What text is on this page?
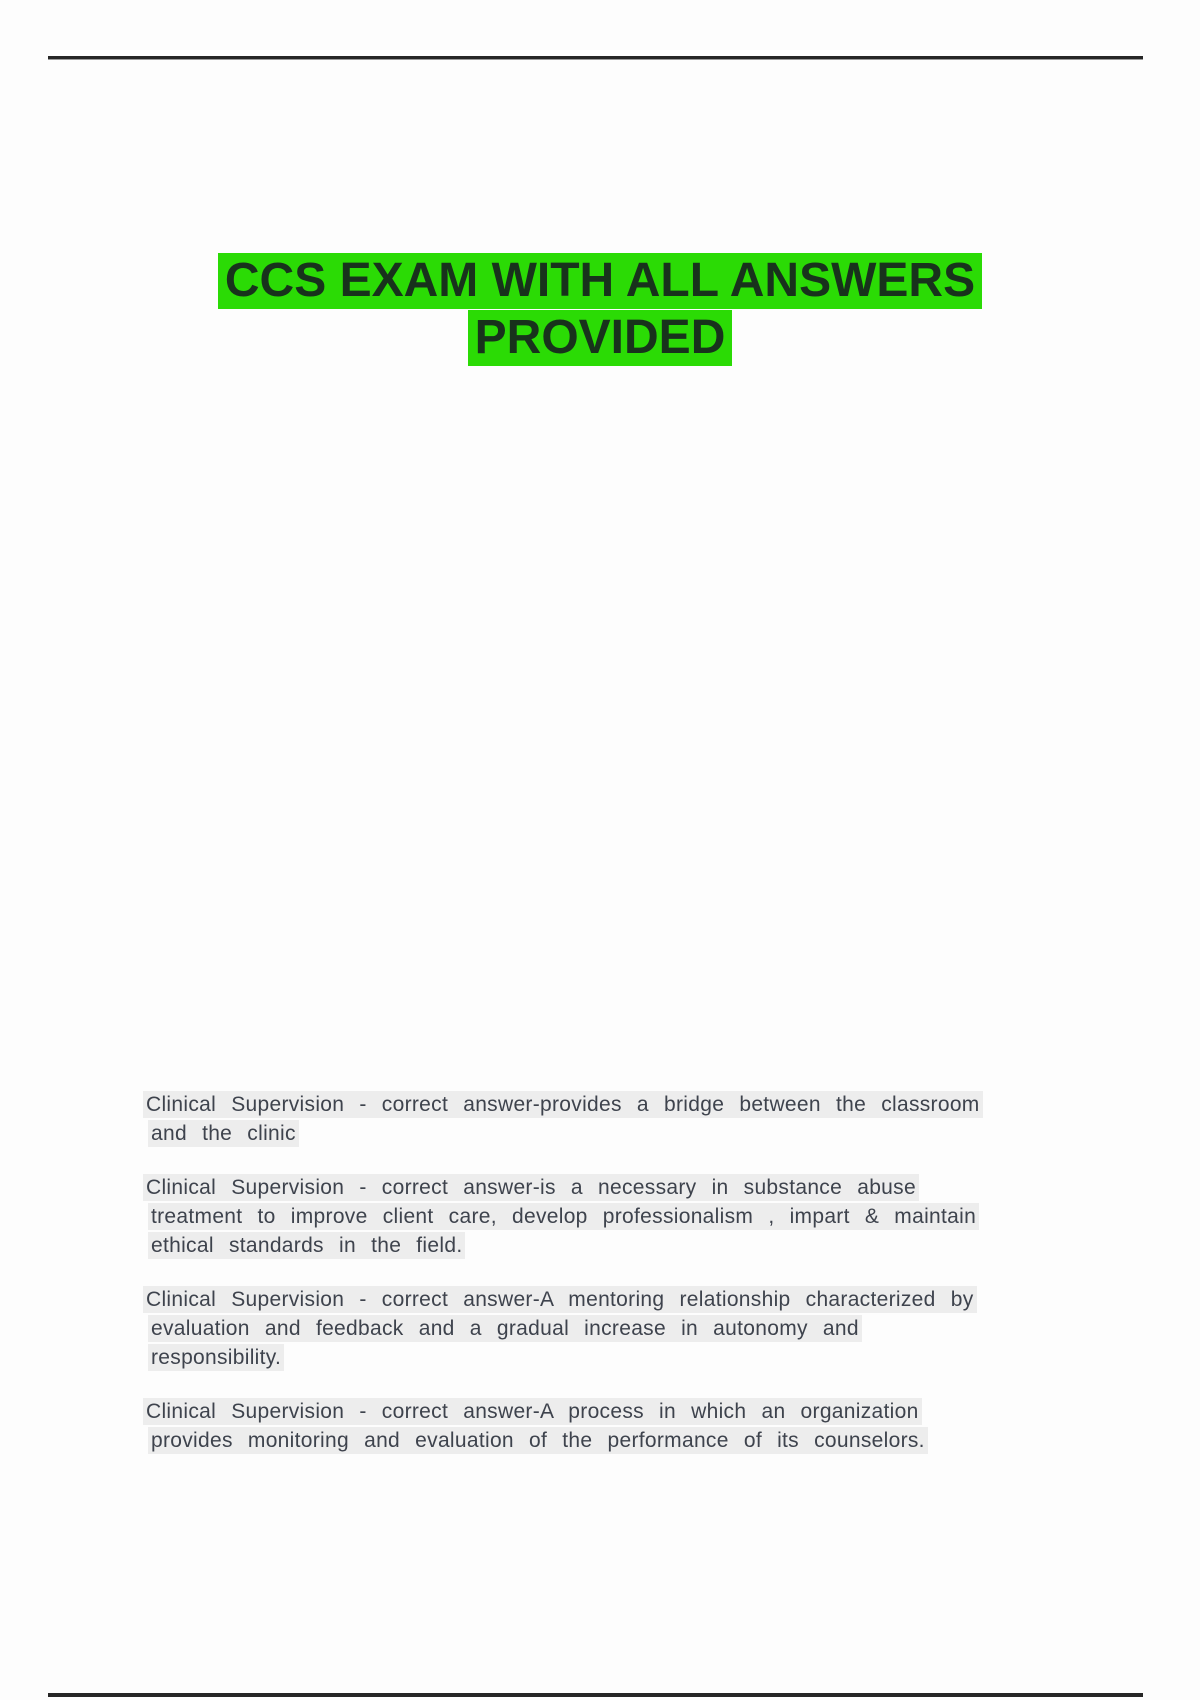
CCS EXAM WITH ALL ANSWERS
PROVIDED

Clinical Supervision - correct answer-provides a bridge between the classroom
and the clinic

Clinical Supervision - correct answer-is a necessary in substance abuse
treatment to improve client care, develop professionalism , impart & maintain
ethical standards in the field.

Clinical Supervision - correct answer-A mentoring relationship characterized by
evaluation and feedback and a gradual increase in autonomy and
responsibility.

Clinical Supervision - correct answer-A process in which an organization
provides monitoring and evaluation of the performance of its counselors.
